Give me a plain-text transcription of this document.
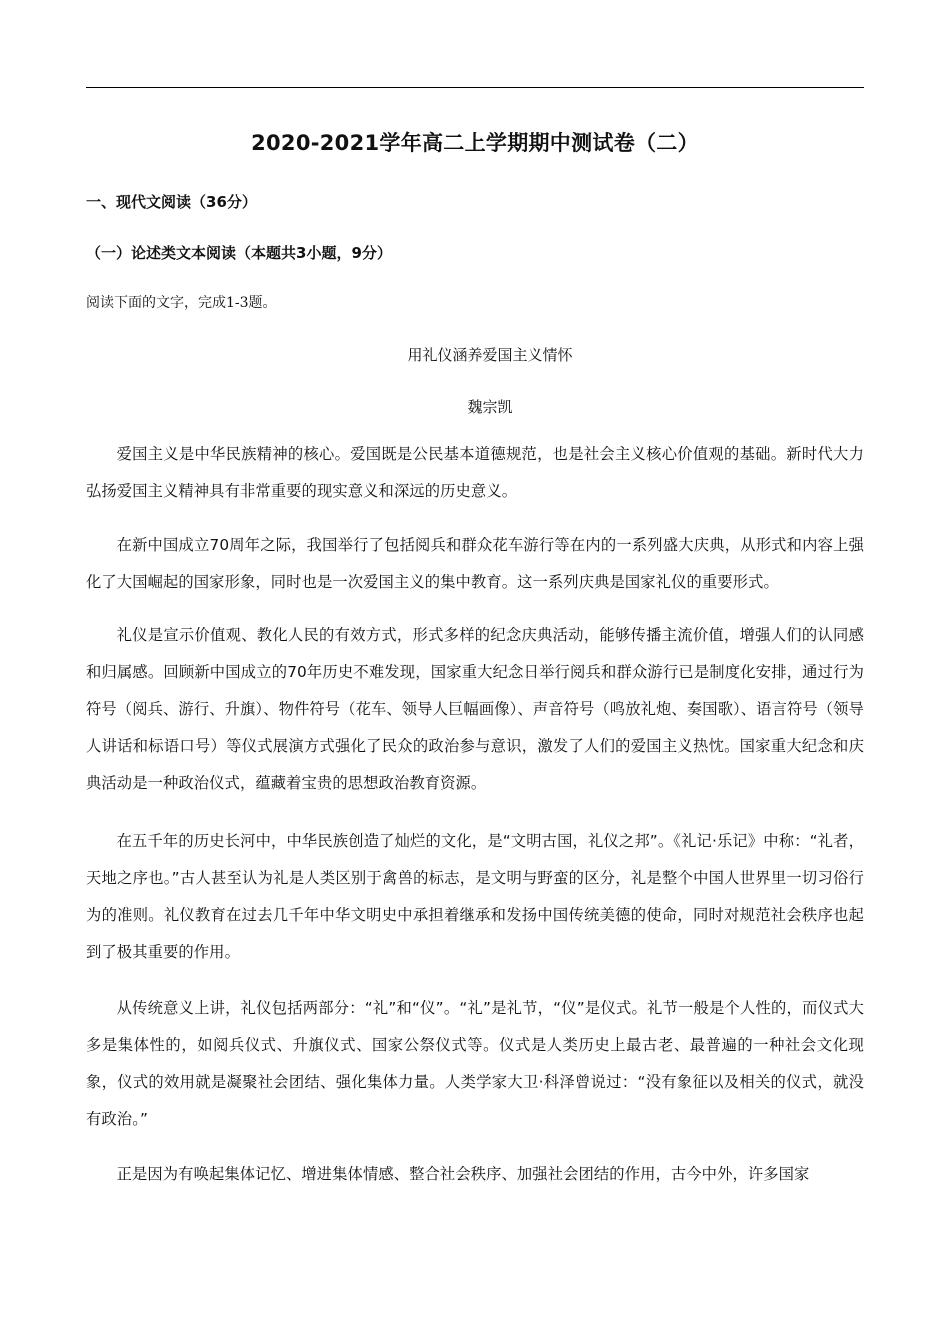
2020-2021学年高二上学期期中测试卷（二）
一、现代文阅读（36分）
（一）论述类文本阅读（本题共3小题，9分）
阅读下面的文字，完成1-3题。
用礼仪涵养爱国主义情怀
魏宗凯

爱国主义是中华民族精神的核心。爱国既是公民基本道德规范，也是社会主义核心价值观的基础。新时代大力弘扬爱国主义精神具有非常重要的现实意义和深远的历史意义。

在新中国成立70周年之际，我国举行了包括阅兵和群众花车游行等在内的一系列盛大庆典，从形式和内容上强化了大国崛起的国家形象，同时也是一次爱国主义的集中教育。这一系列庆典是国家礼仪的重要形式。

礼仪是宣示价值观、教化人民的有效方式，形式多样的纪念庆典活动，能够传播主流价值，增强人们的认同感和归属感。回顾新中国成立的70年历史不难发现，国家重大纪念日举行阅兵和群众游行已是制度化安排，通过行为符号（阅兵、游行、升旗）、物件符号（花车、领导人巨幅画像）、声音符号（鸣放礼炮、奏国歌）、语言符号（领导人讲话和标语口号）等仪式展演方式强化了民众的政治参与意识，激发了人们的爱国主义热忱。国家重大纪念和庆典活动是一种政治仪式，蕴藏着宝贵的思想政治教育资源。

在五千年的历史长河中，中华民族创造了灿烂的文化，是“文明古国，礼仪之邦”。《礼记·乐记》中称：“礼者，天地之序也。”古人甚至认为礼是人类区别于禽兽的标志，是文明与野蛮的区分，礼是整个中国人世界里一切习俗行为的准则。礼仪教育在过去几千年中华文明史中承担着继承和发扬中国传统美德的使命，同时对规范社会秩序也起到了极其重要的作用。

从传统意义上讲，礼仪包括两部分：“礼”和“仪”。“礼”是礼节，“仪”是仪式。礼节一般是个人性的，而仪式大多是集体性的，如阅兵仪式、升旗仪式、国家公祭仪式等。仪式是人类历史上最古老、最普遍的一种社会文化现象，仪式的效用就是凝聚社会团结、强化集体力量。人类学家大卫·科泽曾说过：“没有象征以及相关的仪式，就没有政治。”

正是因为有唤起集体记忆、增进集体情感、整合社会秩序、加强社会团结的作用，古今中外，许多国家
